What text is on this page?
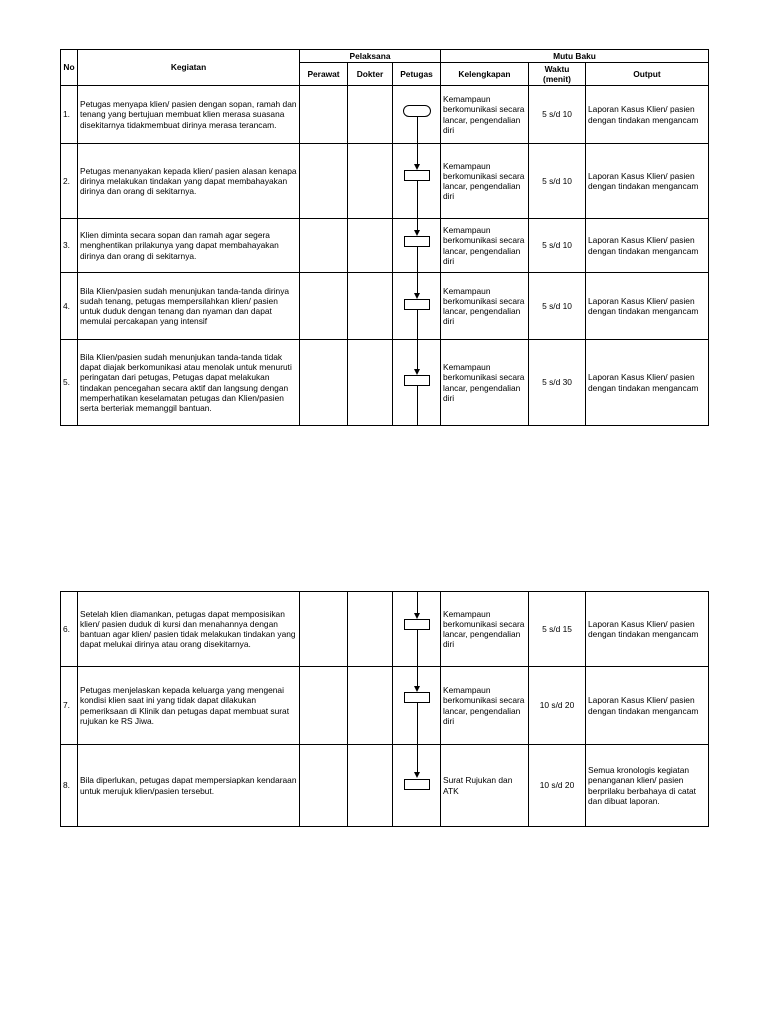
No	Kegiatan	Pelaksana			Mutu Baku		
		Perawat	Dokter	Petugas	Kelengkapan	Waktu (menit)	Output
1.	Petugas menyapa klien/ pasien dengan sopan, ramah dan tenang yang bertujuan membuat klien merasa suasana disekitarnya tidakmembuat dirinya merasa terancam.				Kemampaun berkomunikasi secara lancar, pengendalian diri	5 s/d 10	Laporan Kasus Klien/ pasien dengan tindakan mengancam
2.	Petugas menanyakan kepada klien/ pasien alasan kenapa dirinya melakukan tindakan yang dapat membahayakan dirinya dan orang di sekitarnya.				Kemampaun berkomunikasi secara lancar, pengendalian diri	5 s/d 10	Laporan Kasus Klien/ pasien dengan tindakan mengancam
3.	Klien diminta secara sopan dan ramah agar segera menghentikan prilakunya yang dapat membahayakan dirinya dan orang di sekitarnya.				Kemampaun berkomunikasi secara lancar, pengendalian diri	5 s/d 10	Laporan Kasus Klien/ pasien dengan tindakan mengancam
4.	Bila Klien/pasien sudah menunjukan tanda-tanda dirinya sudah tenang, petugas mempersilahkan klien/ pasien untuk duduk dengan tenang dan nyaman dan dapat memulai percakapan yang intensif				Kemampaun berkomunikasi secara lancar, pengendalian diri	5 s/d 10	Laporan Kasus Klien/ pasien dengan tindakan mengancam
5.	Bila Klien/pasien sudah menunjukan tanda-tanda tidak dapat diajak berkomunikasi atau menolak untuk menuruti peringatan dari petugas, Petugas dapat melakukan tindakan pencegahan secara aktif dan langsung dengan memperhatikan keselamatan petugas dan Klien/pasien serta berteriak memanggil bantuan.				Kemampaun berkomunikasi secara lancar, pengendalian diri	5 s/d 30	Laporan Kasus Klien/ pasien dengan tindakan mengancam
6.	Setelah klien diamankan, petugas dapat memposisikan klien/ pasien duduk di kursi dan menahannya dengan bantuan agar klien/ pasien tidak melakukan tindakan yang dapat melukai dirinya atau orang disekitarnya.				Kemampaun berkomunikasi secara lancar, pengendalian diri	5 s/d 15	Laporan Kasus Klien/ pasien dengan tindakan mengancam
7.	Petugas menjelaskan kepada keluarga yang mengenai kondisi klien saat ini yang tidak dapat dilakukan pemeriksaan di Klinik dan petugas dapat membuat surat rujukan ke RS Jiwa.				Kemampaun berkomunikasi secara lancar, pengendalian diri	10 s/d 20	Laporan Kasus Klien/ pasien dengan tindakan mengancam
8.	Bila diperlukan, petugas dapat mempersiapkan kendaraan untuk merujuk klien/pasien tersebut.				Surat Rujukan dan ATK	10 s/d 20	Semua kronologis kegiatan penanganan klien/ pasien berprilaku berbahaya di catat dan dibuat laporan.
